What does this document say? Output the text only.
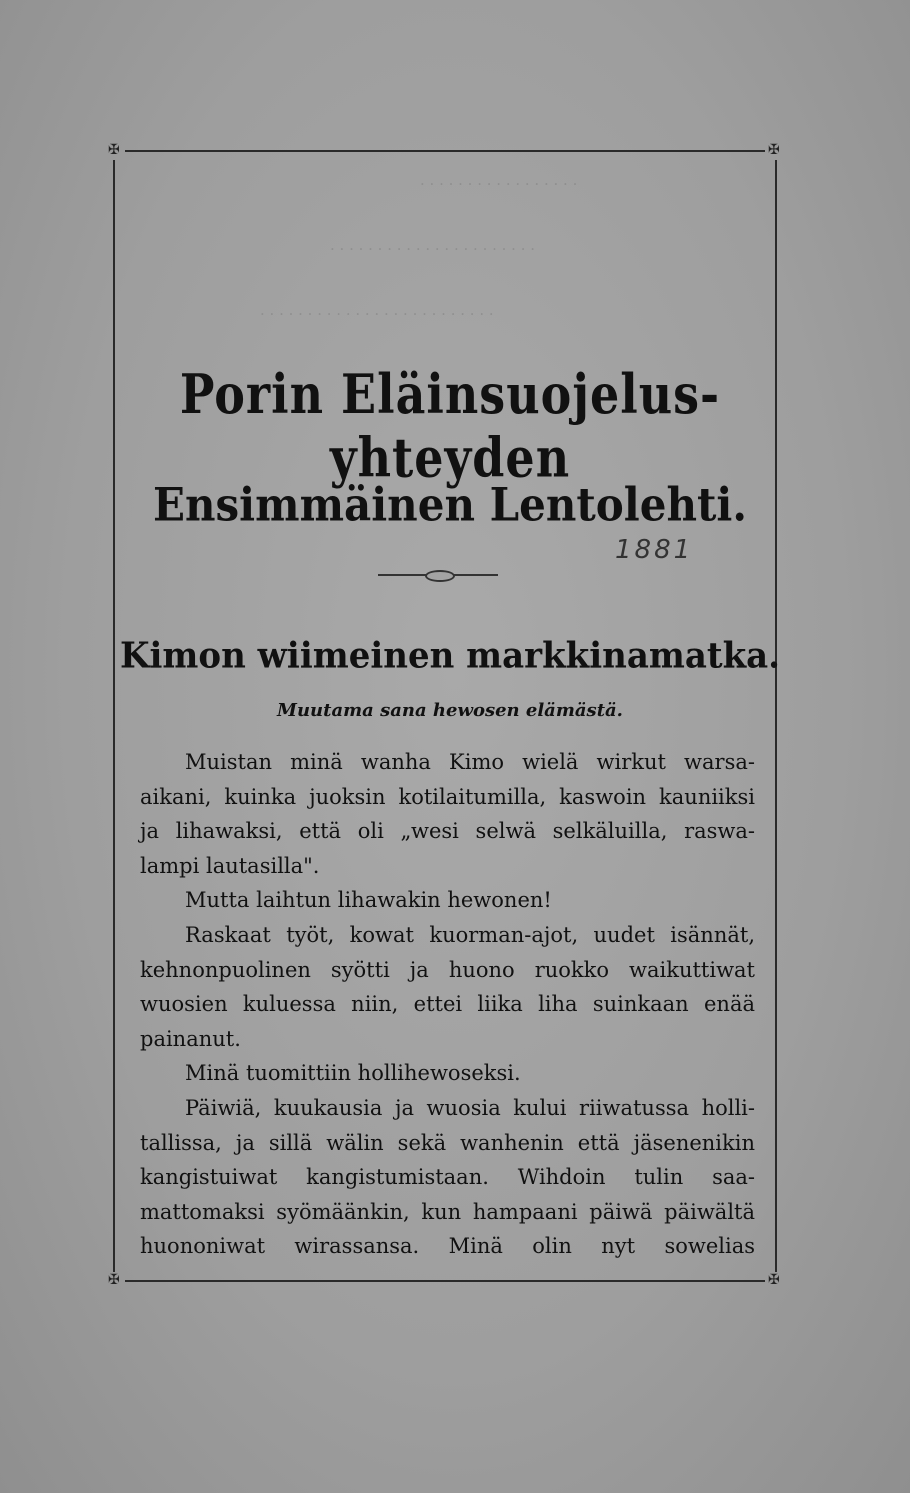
· · · · · · · · · · · · · · · · ·
· · · · · · · · · · · · · · · · · · · · · ·
· · · · · · · · · · · · · · · · · · · · · · · · ·
✠	✠
✠	✠
Porin Eläinsuojelus-yhteyden
Ensimmäinen Lentolehti.
1881
Kimon wiimeinen markkinamatka.
Muutama sana hewosen elämästä.

Muistan minä wanha Kimo wielä wirkut warsa-

aikani, kuinka juoksin kotilaitumilla, kaswoin kauniiksi

ja lihawaksi, että oli „wesi selwä selkäluilla, raswa-

lampi lautasilla".

Mutta laihtun lihawakin hewonen!

Raskaat työt, kowat kuorman-ajot, uudet isännät,

kehnonpuolinen syötti ja huono ruokko waikuttiwat

wuosien kuluessa niin, ettei liika liha suinkaan enää

painanut.

Minä tuomittiin hollihewoseksi.

Päiwiä, kuukausia ja wuosia kului riiwatussa holli-

tallissa, ja sillä wälin sekä wanhenin että jäsenenikin

kangistuiwat kangistumistaan. Wihdoin tulin saa-

mattomaksi syömäänkin, kun hampaani päiwä päiwältä

huononiwat wirassansa. Minä olin nyt sowelias
